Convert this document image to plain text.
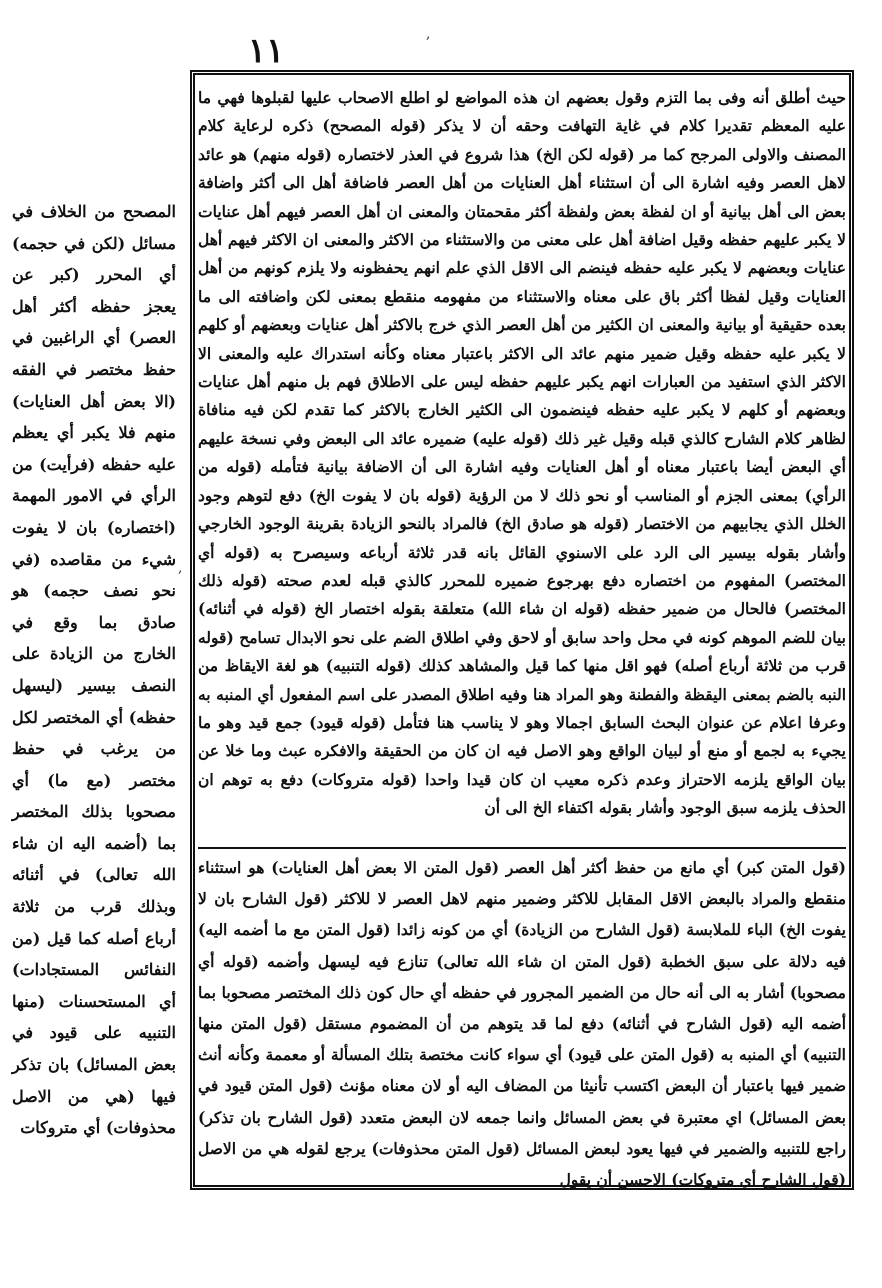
١١	,
حيث أطلق أنه وفى بما التزم وقول بعضهم ان هذه المواضع لو اطلع الاصحاب عليها لقبلوها فهي ما عليه المعظم تقديرا كلام في غاية التهافت وحقه أن لا يذكر (قوله المصحح) ذكره لرعاية كلام المصنف والاولى المرجح كما مر (قوله لكن الخ) هذا شروع في العذر لاختصاره (قوله منهم) هو عائد لاهل العصر وفيه اشارة الى أن استثناء أهل العنايات من أهل العصر فاضافة أهل الى أكثر واضافة بعض الى أهل بيانية أو ان لفظة بعض ولفظة أكثر مقحمتان والمعنى ان أهل العصر فيهم أهل عنايات لا يكبر عليهم حفظه وقيل اضافة أهل على معنى من والاستثناء من الاكثر والمعنى ان الاكثر فيهم أهل عنايات وبعضهم لا يكبر عليه حفظه فينضم الى الاقل الذي علم انهم يحفظونه ولا يلزم كونهم من أهل العنايات وقيل لفظا أكثر باق على معناه والاستثناء من مفهومه منقطع بمعنى لكن واضافته الى ما بعده حقيقية أو بيانية والمعنى ان الكثير من أهل العصر الذي خرج بالاكثر أهل عنايات وبعضهم أو كلهم لا يكبر عليه حفظه وقيل ضمير منهم عائد الى الاكثر باعتبار معناه وكأنه استدراك عليه والمعنى الا الاكثر الذي استفيد من العبارات انهم يكبر عليهم حفظه ليس على الاطلاق فهم بل منهم أهل عنايات وبعضهم أو كلهم لا يكبر عليه حفظه فينضمون الى الكثير الخارج بالاكثر كما تقدم لكن فيه منافاة لظاهر كلام الشارح كالذي قبله وقيل غير ذلك (قوله عليه) ضميره عائد الى البعض وفي نسخة عليهم أي البعض أيضا باعتبار معناه أو أهل العنايات وفيه اشارة الى أن الاضافة بيانية فتأمله (قوله من الرأي) بمعنى الجزم أو المناسب أو نحو ذلك لا من الرؤية (قوله بان لا يفوت الخ) دفع لتوهم وجود الخلل الذي يجابيهم من الاختصار (قوله هو صادق الخ) فالمراد بالنحو الزيادة بقرينة الوجود الخارجي وأشار بقوله بيسير الى الرد على الاسنوي القائل بانه قدر ثلاثة أرباعه وسيصرح به (قوله أي المختصر) المفهوم من اختصاره دفع بهرجوع ضميره للمحرر كالذي قبله لعدم صحته (قوله ذلك المختصر) فالحال من ضمير حفظه (قوله ان شاء الله) متعلقة بقوله اختصار الخ (قوله في أثنائه) بيان للضم الموهم كونه في محل واحد سابق أو لاحق وفي اطلاق الضم على نحو الابدال تسامح (قوله قرب من ثلاثة أرباع أصله) فهو اقل منها كما قيل والمشاهد كذلك (قوله التنبيه) هو لغة الايقاظ من النبه بالضم بمعنى اليقظة والفطنة وهو المراد هنا وفيه اطلاق المصدر على اسم المفعول أي المنبه به وعرفا اعلام عن عنوان البحث السابق اجمالا وهو لا يناسب هنا فتأمل (قوله قيود) جمع قيد وهو ما يجيء به لجمع أو منع أو لبيان الواقع وهو الاصل فيه ان كان من الحقيقة والافكره عبث وما خلا عن بيان الواقع يلزمه الاحتراز وعدم ذكره معيب ان كان قيدا واحدا (قوله متروكات) دفع به توهم ان الحذف يلزمه سبق الوجود وأشار بقوله اكتفاء الخ الى أن
(قول المتن كبر) أي مانع من حفظ أكثر أهل العصر (قول المتن الا بعض أهل العنايات) هو استثناء منقطع والمراد بالبعض الاقل المقابل للاكثر وضمير منهم لاهل العصر لا للاكثر (قول الشارح بان لا يفوت الخ) الباء للملابسة (قول الشارح من الزيادة) أي من كونه زائدا (قول المتن مع ما أضمه اليه) فيه دلالة على سبق الخطبة (قول المتن ان شاء الله تعالى) تنازع فيه ليسهل وأضمه (قوله أي مصحوبا) أشار به الى أنه حال من الضمير المجرور في حفظه أي حال كون ذلك المختصر مصحوبا بما أضمه اليه (قول الشارح في أثنائه) دفع لما قد يتوهم من أن المضموم مستقل (قول المتن منها التنبيه) أي المنبه به (قول المتن على قيود) أي سواء كانت مختصة بتلك المسألة أو معممة وكأنه أنث ضمير فيها باعتبار أن البعض اكتسب تأنيثا من المضاف اليه أو لان معناه مؤنث (قول المتن قيود في بعض المسائل) اي معتبرة في بعض المسائل وانما جمعه لان البعض متعدد (قول الشارح بان تذكر) راجع للتنبيه والضمير في فيها يعود لبعض المسائل (قول المتن محذوفات) يرجع لقوله هي من الاصل (قول الشارح أي متروكات) الاحسن أن يقول
,
المصحح من الخلاف في مسائل (لكن في حجمه) أي المحرر (كبر عن يعجز حفظه أكثر أهل العصر) أي الراغبين في حفظ مختصر في الفقه (الا بعض أهل العنايات) منهم فلا يكبر أي يعظم عليه حفظه (فرأيت) من الرأي في الامور المهمة (اختصاره) بان لا يفوت شيء من مقاصده (في نحو نصف حجمه) هو صادق بما وقع في الخارج من الزيادة على النصف بيسير (ليسهل حفظه) أي المختصر لكل من يرغب في حفظ مختصر (مع ما) أي مصحوبا بذلك المختصر بما (أضمه اليه ان شاء الله تعالى) في أثنائه وبذلك قرب من ثلاثة أرباع أصله كما قيل (من النفائس المستجادات) أي المستحسنات (منها التنبيه على قيود في بعض المسائل) بان تذكر فيها (هي من الاصل محذوفات) أي متروكات
